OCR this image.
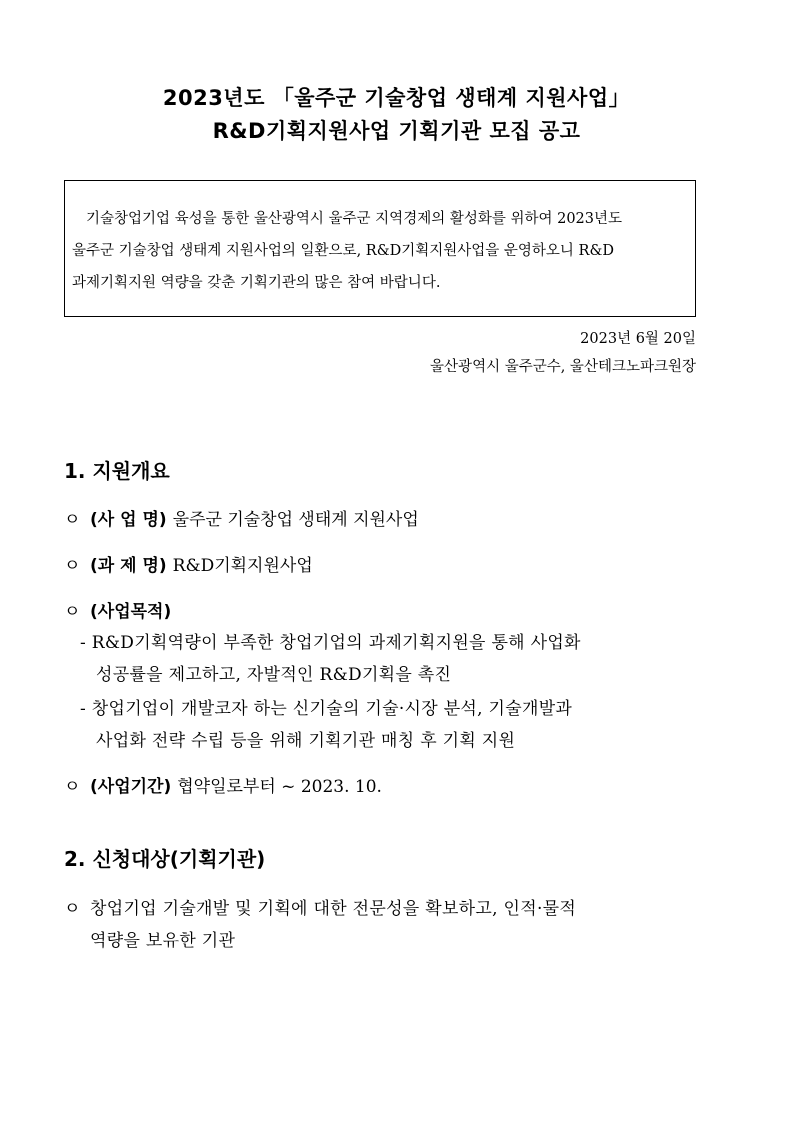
2023년도 「울주군 기술창업 생태계 지원사업」
R&D기획지원사업 기획기관 모집 공고
기술창업기업 육성을 통한 울산광역시 울주군 지역경제의 활성화를 위하여 2023년도
울주군 기술창업 생태계 지원사업의 일환으로, R&D기획지원사업을 운영하오니 R&D
과제기획지원 역량을 갖춘 기획기관의 많은 참여 바랍니다.
2023년 6월 20일
울산광역시 울주군수, 울산테크노파크원장
1. 지원개요
ㅇ (사 업 명) 울주군 기술창업 생태계 지원사업
ㅇ (과 제 명) R&D기획지원사업
ㅇ (사업목적)
- R&D기획역량이 부족한 창업기업의 과제기획지원을 통해 사업화
성공률을 제고하고, 자발적인 R&D기획을 촉진
- 창업기업이 개발코자 하는 신기술의 기술·시장 분석, 기술개발과
사업화 전략 수립 등을 위해 기획기관 매칭 후 기획 지원
ㅇ (사업기간) 협약일로부터 ~ 2023. 10.
2. 신청대상(기획기관)
ㅇ 창업기업 기술개발 및 기획에 대한 전문성을 확보하고, 인적·물적
역량을 보유한 기관
